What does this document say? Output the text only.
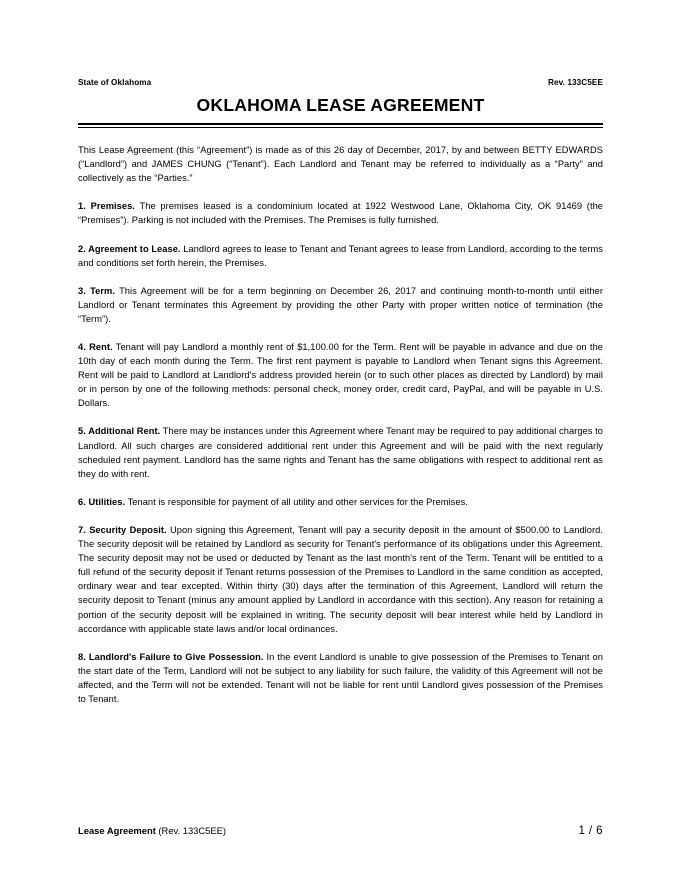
State of Oklahoma	Rev. 133C5EE
OKLAHOMA LEASE AGREEMENT

This Lease Agreement (this “Agreement”) is made as of this 26 day of December, 2017, by and between BETTY EDWARDS (“Landlord”) and JAMES CHUNG (“Tenant”). Each Landlord and Tenant may be referred to individually as a “Party” and collectively as the “Parties.”

1. Premises. The premises leased is a condominium located at 1922 Westwood Lane, Oklahoma City, OK 91469 (the “Premises”). Parking is not included with the Premises. The Premises is fully furnished.

2. Agreement to Lease. Landlord agrees to lease to Tenant and Tenant agrees to lease from Landlord, according to the terms and conditions set forth herein, the Premises.

3. Term. This Agreement will be for a term beginning on December 26, 2017 and continuing month-to-month until either Landlord or Tenant terminates this Agreement by providing the other Party with proper written notice of termination (the “Term”).

4. Rent. Tenant will pay Landlord a monthly rent of $1,100.00 for the Term. Rent will be payable in advance and due on the 10th day of each month during the Term. The first rent payment is payable to Landlord when Tenant signs this Agreement. Rent will be paid to Landlord at Landlord's address provided herein (or to such other places as directed by Landlord) by mail or in person by one of the following methods: personal check, money order, credit card, PayPal, and will be payable in U.S. Dollars.

5. Additional Rent. There may be instances under this Agreement where Tenant may be required to pay additional charges to Landlord. All such charges are considered additional rent under this Agreement and will be paid with the next regularly scheduled rent payment. Landlord has the same rights and Tenant has the same obligations with respect to additional rent as they do with rent.

6. Utilities. Tenant is responsible for payment of all utility and other services for the Premises.

7. Security Deposit. Upon signing this Agreement, Tenant will pay a security deposit in the amount of $500.00 to Landlord. The security deposit will be retained by Landlord as security for Tenant's performance of its obligations under this Agreement. The security deposit may not be used or deducted by Tenant as the last month's rent of the Term. Tenant will be entitled to a full refund of the security deposit if Tenant returns possession of the Premises to Landlord in the same condition as accepted, ordinary wear and tear excepted. Within thirty (30) days after the termination of this Agreement, Landlord will return the security deposit to Tenant (minus any amount applied by Landlord in accordance with this section). Any reason for retaining a portion of the security deposit will be explained in writing. The security deposit will bear interest while held by Landlord in accordance with applicable state laws and/or local ordinances.

8. Landlord's Failure to Give Possession. In the event Landlord is unable to give possession of the Premises to Tenant on the start date of the Term, Landlord will not be subject to any liability for such failure, the validity of this Agreement will not be affected, and the Term will not be extended. Tenant will not be liable for rent until Landlord gives possession of the Premises to Tenant.

Lease Agreement (Rev. 133C5EE)	1 / 6
